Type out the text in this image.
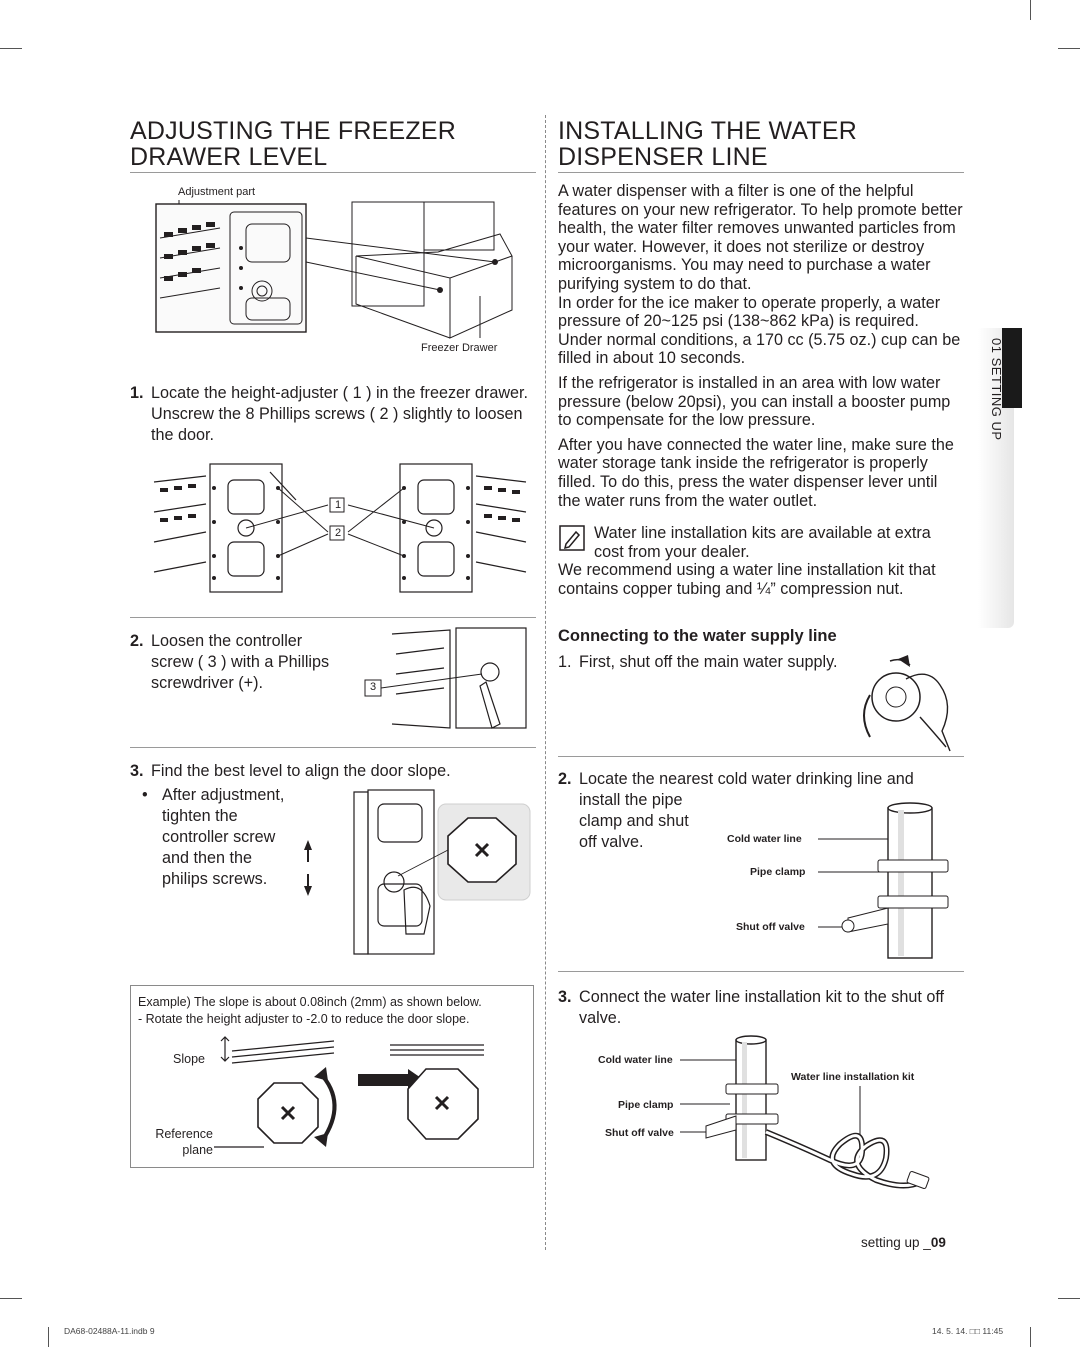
ADJUSTING THE FREEZER DRAWER LEVEL
Adjustment part
Freezer Drawer
1. Locate the height-adjuster ( 1 ) in the freezer drawer. Unscrew the 8 Phillips screws ( 2 ) slightly to loosen the door.
1
2
2. Loosen the controller screw ( 3 ) with a Phillips screwdriver (+).	3
3. Find the best level to align the door slope.
• After adjustment, tighten the controller screw and then the philips screws.
Example) The slope is about 0.08inch (2mm) as shown below.
- Rotate the height adjuster to -2.0 to reduce the door slope.
Slope
Reference plane
INSTALLING THE WATER DISPENSER LINE

A water dispenser with a filter is one of the helpful features on your new refrigerator. To help promote better health, the water filter removes unwanted particles from your water. However, it does not sterilize or destroy microorganisms. You may need to purchase a water purifying system to do that.

In order for the ice maker to operate properly, a water pressure of 20~125 psi (138~862 kPa) is required. Under normal conditions, a 170 cc (5.75 oz.) cup can be filled in about 10 seconds.

If the refrigerator is installed in an area with low water pressure (below 20psi), you can install a booster pump to compensate for the low pressure.

After you have connected the water line, make sure the water storage tank inside the refrigerator is properly filled. To do this, press the water dispenser lever until the water runs from the water outlet.

Water line installation kits are available at extra cost from your dealer.
We recommend using a water line installation kit that contains copper tubing and ¼” compression nut.
Connecting to the water supply line
1. First, shut off the main water supply.
2. Locate the nearest cold water drinking line and
install the pipe clamp and shut off valve.	Cold water line
Pipe clamp
Shut off valve
3. Connect the water line installation kit to the shut off valve.
Cold water line
Water line installation kit
Pipe clamp
Shut off valve
01 SETTING UP
setting up _09
DA68-02488A-11.indb 9	14. 5. 14. □□ 11:45
